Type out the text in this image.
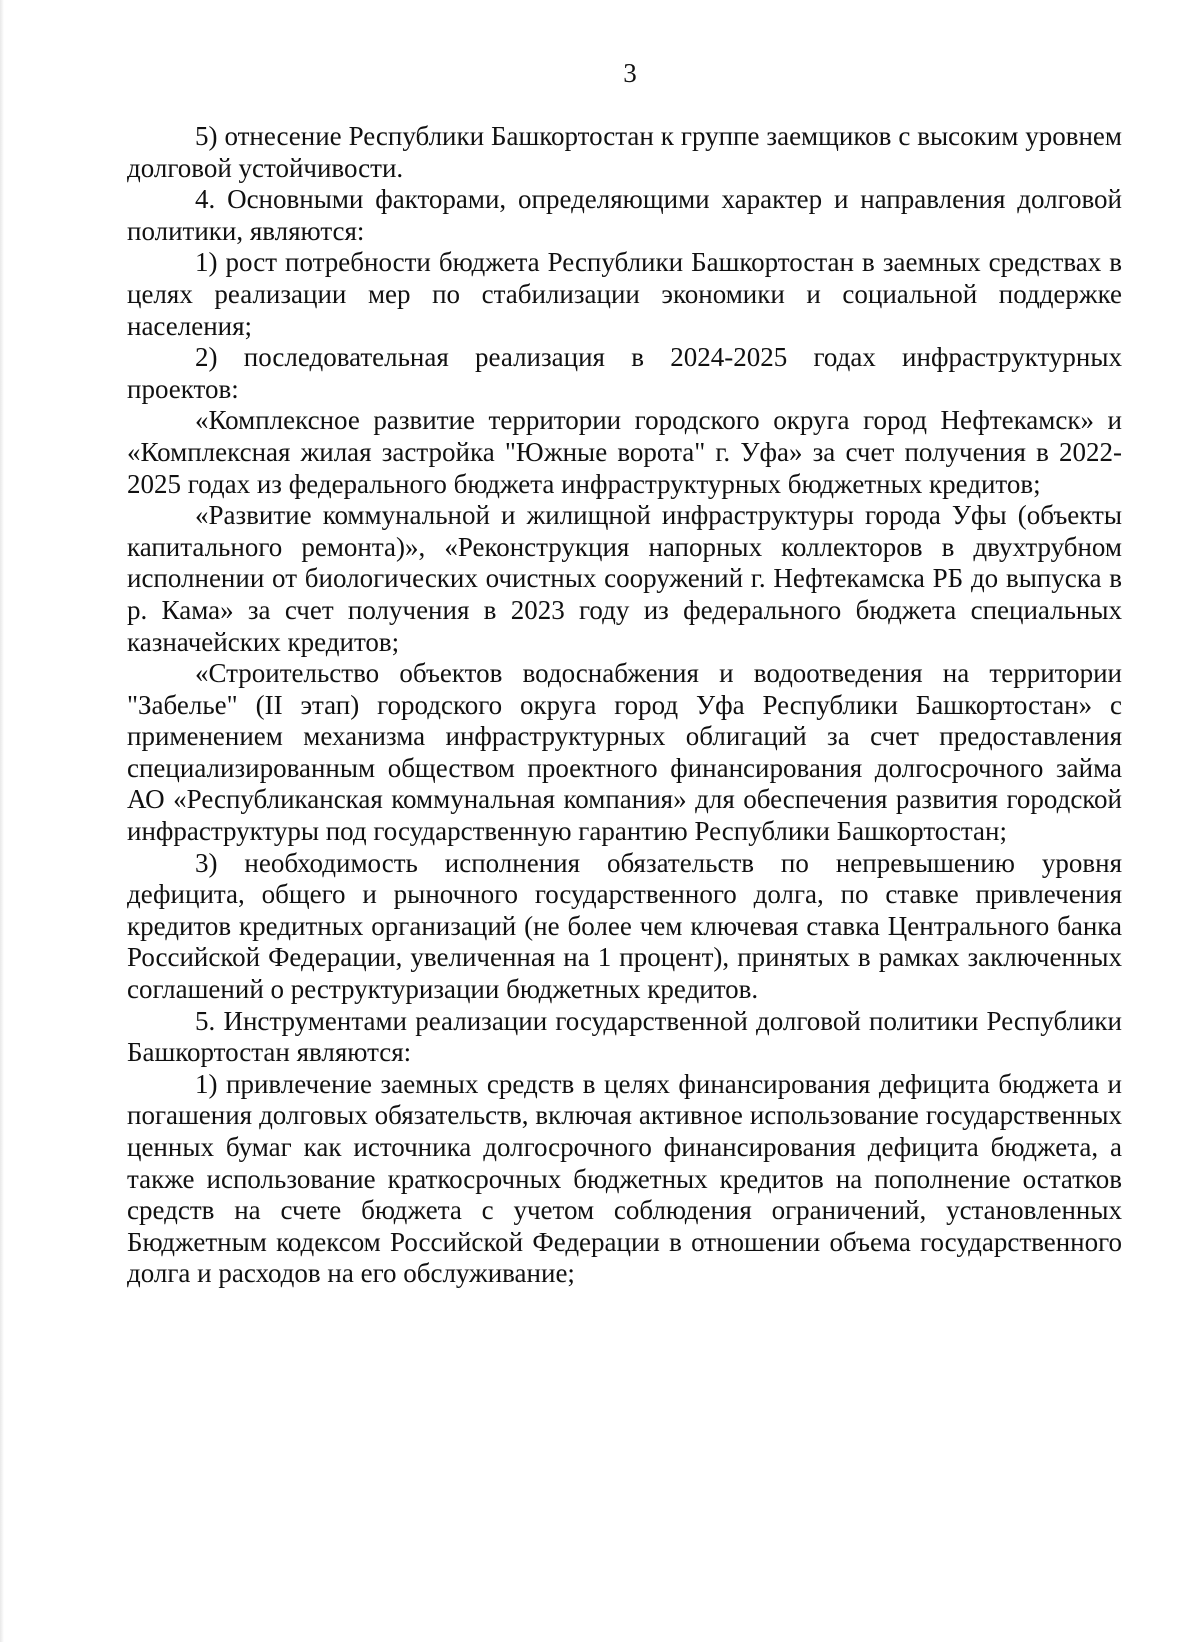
3

5) отнесение Республики Башкортостан к группе заемщиков с высоким уровнем долговой устойчивости.

4. Основными факторами, определяющими характер и направления долговой политики, являются:

1) рост потребности бюджета Республики Башкортостан в заемных средствах в целях реализации мер по стабилизации экономики и социальной поддержке населения;

2) последовательная реализация в 2024-2025 годах инфраструктурных проектов:

«Комплексное развитие территории городского округа город Нефтекамск» и «Комплексная жилая застройка "Южные ворота" г. Уфа» за счет получения в 2022-2025 годах из федерального бюджета инфраструктурных бюджетных кредитов;

«Развитие коммунальной и жилищной инфраструктуры города Уфы (объекты капитального ремонта)», «Реконструкция напорных коллекторов в двухтрубном исполнении от биологических очистных сооружений г. Нефтекамска РБ до выпуска в р. Кама» за счет получения в 2023 году из федерального бюджета специальных казначейских кредитов;

«Строительство объектов водоснабжения и водоотведения на территории "Забелье" (II этап) городского округа город Уфа Республики Башкортостан» с применением механизма инфраструктурных облигаций за счет предоставления специализированным обществом проектного финансирования долгосрочного займа АО «Республиканская коммунальная компания» для обеспечения развития городской инфраструктуры под государственную гарантию Республики Башкортостан;

3) необходимость исполнения обязательств по непревышению уровня дефицита, общего и рыночного государственного долга, по ставке привлечения кредитов кредитных организаций (не более чем ключевая ставка Центрального банка Российской Федерации, увеличенная на 1 процент), принятых в рамках заключенных соглашений о реструктуризации бюджетных кредитов.

5. Инструментами реализации государственной долговой политики Республики Башкортостан являются:

1) привлечение заемных средств в целях финансирования дефицита бюджета и погашения долговых обязательств, включая активное использование государственных ценных бумаг как источника долгосрочного финансирования дефицита бюджета, а также использование краткосрочных бюджетных кредитов на пополнение остатков средств на счете бюджета с учетом соблюдения ограничений, установленных Бюджетным кодексом Российской Федерации в отношении объема государственного долга и расходов на его обслуживание;
